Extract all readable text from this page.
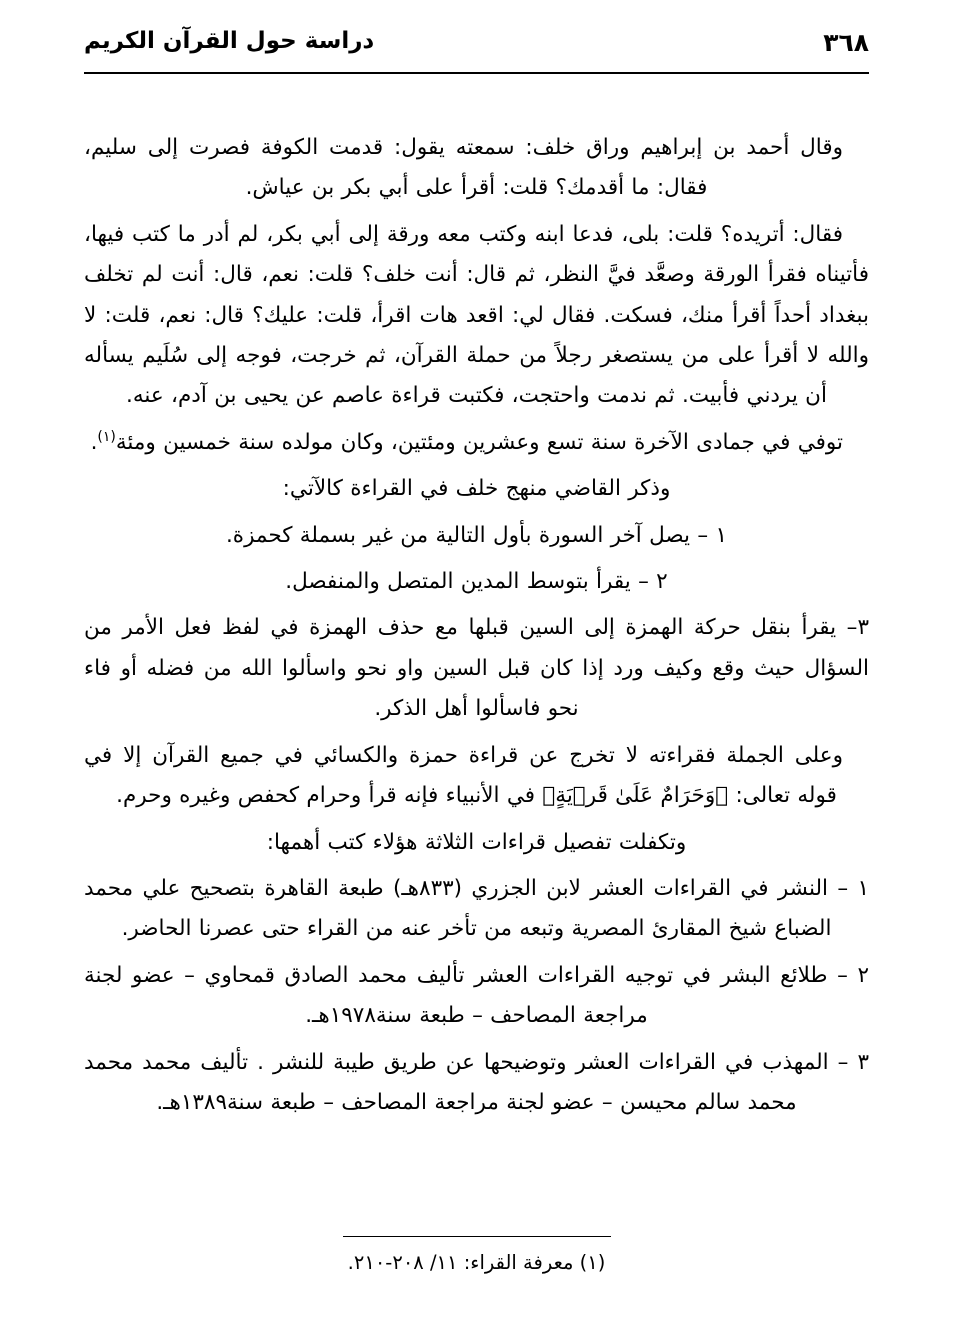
دراسة حول القرآن الكريم	٣٦٨

وقال أحمد بن إبراهيم وراق خلف: سمعته يقول: قدمت الكوفة فصرت إلى سليم، فقال: ما أقدمك؟ قلت: أقرأ على أبي بكر بن عياش.

فقال: أتريده؟ قلت: بلى، فدعا ابنه وكتب معه ورقة إلى أبي بكر، لم أدر ما كتب فيها، فأتيناه فقرأ الورقة وصعَّد فيَّ النظر، ثم قال: أنت خلف؟ قلت: نعم، قال: أنت لم تخلف ببغداد أحداً أقرأ منك، فسكت. فقال لي: اقعد هات اقرأ، قلت: عليك؟ قال: نعم، قلت: لا والله لا أقرأ على من يستصغر رجلاً من حملة القرآن، ثم خرجت، فوجه إلى سُلَيم يسأله أن يردني فأبيت. ثم ندمت واحتجت، فكتبت قراءة عاصم عن يحيى بن آدم، عنه.

توفي في جمادى الآخرة سنة تسع وعشرين ومئتين، وكان مولده سنة خمسين ومئة$^{(١)}$.

وذكر القاضي منهج خلف في القراءة كالآتي:

١ – يصل آخر السورة بأول التالية من غير بسملة كحمزة.

٢ – يقرأ بتوسط المدين المتصل والمنفصل.

٣– يقرأ بنقل حركة الهمزة إلى السين قبلها مع حذف الهمزة في لفظ فعل الأمر من السؤال حيث وقع وكيف ورد إذا كان قبل السين واو نحو واسألوا الله من فضله أو فاء نحو فاسألوا أهل الذكر.

وعلى الجملة فقراءته لا تخرج عن قراءة حمزة والكسائي في جميع القرآن إلا في قوله تعالى: ﴿وَحَرَامٌ عَلَىٰ قَرۡيَةٍ﴾ في الأنبياء فإنه قرأ وحرام كحفص وغيره وحرم.

وتكفلت تفصيل قراءات الثلاثة هؤلاء كتب أهمها:

١ – النشر في القراءات العشر لابن الجزري (٨٣٣هـ) طبعة القاهرة بتصحيح علي محمد الضباع شيخ المقارئ المصرية وتبعه من تأخر عنه من القراء حتى عصرنا الحاضر.

٢ – طلائع البشر في توجيه القراءات العشر تأليف محمد الصادق قمحاوي – عضو لجنة مراجعة المصاحف – طبعة سنة١٩٧٨هـ.

٣ – المهذب في القراءات العشر وتوضيحها عن طريق طيبة للنشر . تأليف محمد محمد محمد سالم محيسن – عضو لجنة مراجعة المصاحف – طبعة سنة١٣٨٩هـ.

(١) معرفة القراء: ١١/ ٢٠٨-٢١٠.
